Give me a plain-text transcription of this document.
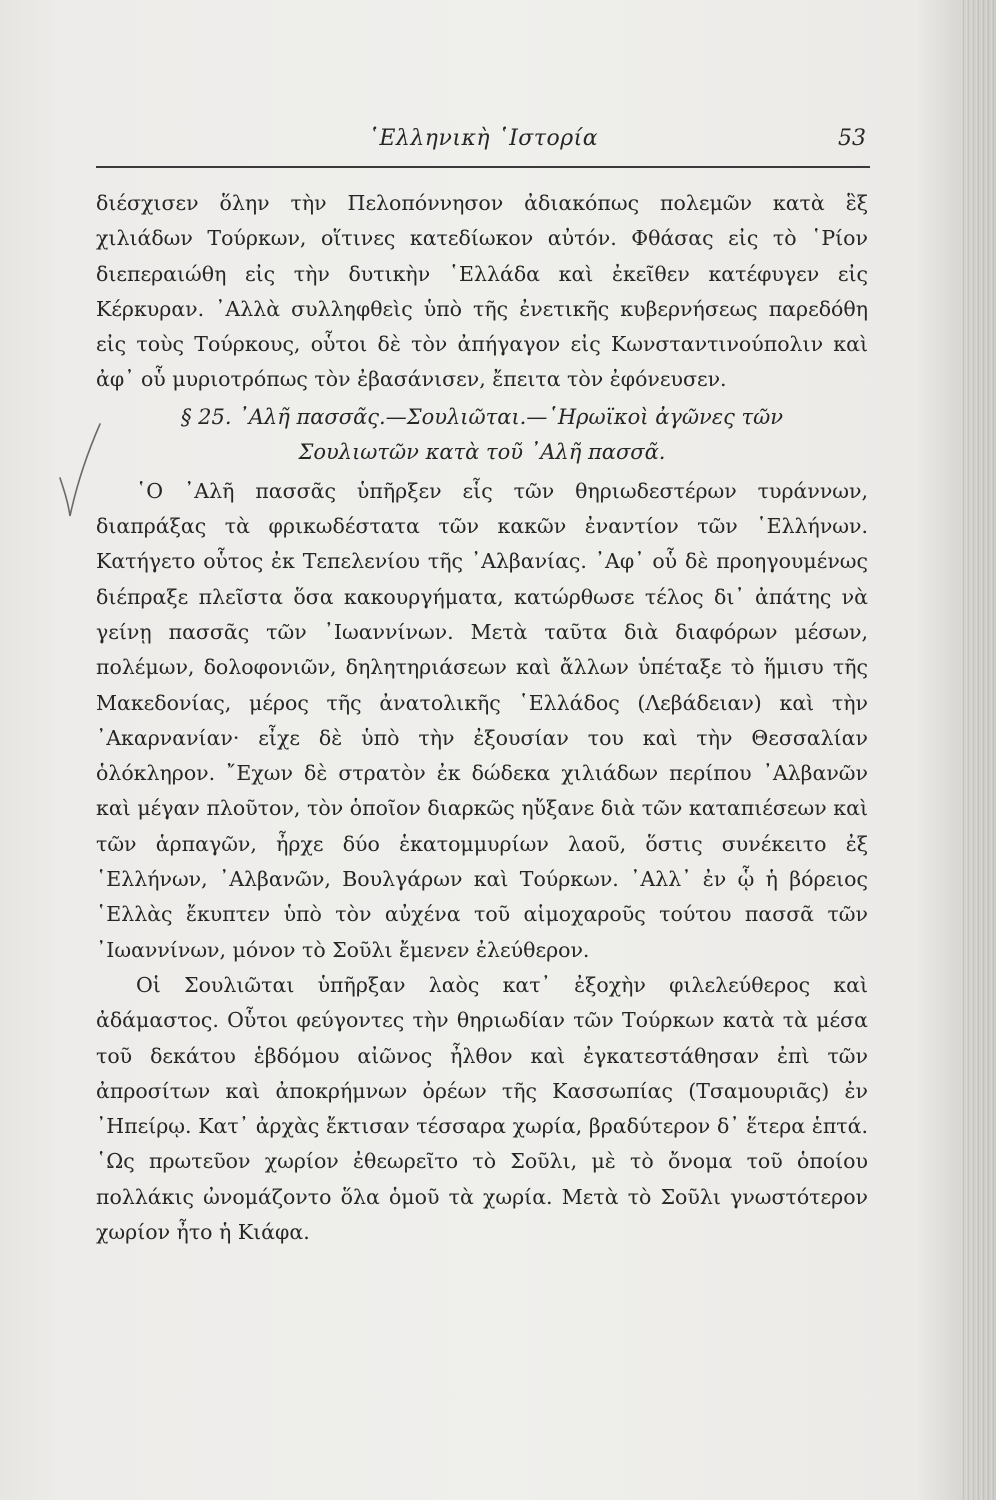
῾Ελληνικὴ ῾Ιστορία	53

διέσχισεν ὅλην τὴν Πελοπόννησον ἀδιακόπως πολεμῶν κατὰ ἓξ χιλιάδων Τούρκων, οἵτινες κατεδίωκον αὐτόν. Φθάσας εἰς τὸ ῾Ρίον διεπεραιώθη εἰς τὴν δυτικὴν ῾Ελλάδα καὶ ἐκεῖθεν κατέφυγεν εἰς Κέρκυραν. ᾿Αλλὰ συλληφθεὶς ὑπὸ τῆς ἐνετικῆς κυβερνήσεως παρεδόθη εἰς τοὺς Τούρκους, οὗτοι δὲ τὸν ἀπήγαγον εἰς Κωνσταντινούπολιν καὶ ἀφ᾿ οὗ μυριοτρόπως τὸν ἐβασάνισεν, ἔπειτα τὸν ἐφόνευσεν.

§ 25. ᾿Αλῆ πασσᾶς.—Σουλιῶται.—῾Ηρωϊκοὶ ἀγῶνες τῶν
Σουλιωτῶν κατὰ τοῦ ᾿Αλῆ πασσᾶ.

῾Ο ᾿Αλῆ πασσᾶς ὑπῆρξεν εἷς τῶν θηριωδεστέρων τυράννων, διαπράξας τὰ φρικωδέστατα τῶν κακῶν ἐναντίον τῶν ῾Ελλήνων. Κατήγετο οὗτος ἐκ Τεπελενίου τῆς ᾿Αλβανίας. ᾿Αφ᾿ οὗ δὲ προηγουμένως διέπραξε πλεῖστα ὅσα κακουργήματα, κατώρθωσε τέλος δι᾿ ἀπάτης νὰ γείνῃ πασσᾶς τῶν ᾿Ιωαννίνων. Μετὰ ταῦτα διὰ διαφόρων μέσων, πολέμων, δολοφονιῶν, δηλητηριάσεων καὶ ἄλλων ὑπέταξε τὸ ἥμισυ τῆς Μακεδονίας, μέρος τῆς ἀνατολικῆς ῾Ελλάδος (Λεβάδειαν) καὶ τὴν ᾿Ακαρνανίαν· εἶχε δὲ ὑπὸ τὴν ἐξουσίαν του καὶ τὴν Θεσσαλίαν ὁλόκληρον. ῎Εχων δὲ στρατὸν ἐκ δώδεκα χιλιάδων περίπου ᾿Αλβανῶν καὶ μέγαν πλοῦτον, τὸν ὁποῖον διαρκῶς ηὔξανε διὰ τῶν καταπιέσεων καὶ τῶν ἁρπαγῶν, ἦρχε δύο ἑκατομμυρίων λαοῦ, ὅστις συνέκειτο ἐξ ῾Ελλήνων, ᾿Αλβανῶν, Βουλγάρων καὶ Τούρκων. ᾿Αλλ᾿ ἐν ᾧ ἡ βόρειος ῾Ελλὰς ἔκυπτεν ὑπὸ τὸν αὐχένα τοῦ αἱμοχαροῦς τούτου πασσᾶ τῶν ᾿Ιωαννίνων, μόνον τὸ Σοῦλι ἔμενεν ἐλεύθερον.

Οἱ Σουλιῶται ὑπῆρξαν λαὸς κατ᾿ ἐξοχὴν φιλελεύθερος καὶ ἀδάμαστος. Οὗτοι φεύγοντες τὴν θηριωδίαν τῶν Τούρκων κατὰ τὰ μέσα τοῦ δεκάτου ἑβδόμου αἰῶνος ἦλθον καὶ ἐγκατεστάθησαν ἐπὶ τῶν ἀπροσίτων καὶ ἀποκρήμνων ὀρέων τῆς Κασσωπίας (Τσαμουριᾶς) ἐν ᾿Ηπείρῳ. Κατ᾿ ἀρχὰς ἔκτισαν τέσσαρα χωρία, βραδύτερον δ᾿ ἕτερα ἑπτά. ῾Ως πρωτεῦον χωρίον ἐθεωρεῖτο τὸ Σοῦλι, μὲ τὸ ὄνομα τοῦ ὁποίου πολλάκις ὠνομάζοντο ὅλα ὁμοῦ τὰ χωρία. Μετὰ τὸ Σοῦλι γνωστότερον χωρίον ἦτο ἡ Κιάφα.
